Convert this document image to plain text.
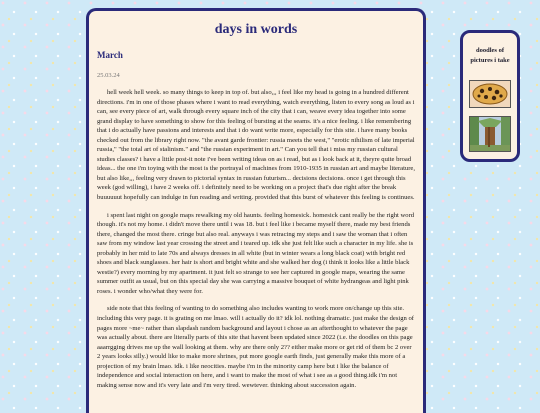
days in words
March
25.03.24

hell week hell week. so many things to keep in top of. but also,,, i feel like my head is going in a hundred different directions. i'm in one of those phases where i want to read everything, watch everything, listen to every song as loud as i can, see every piece of art, walk through every square inch of the city that i can, weave every idea together into some grand display to have something to show for this feeling of bursting at the seams. it's a nice feeling. i like remembering that i do actually have passions and interests and that i do want write more, especially for this site. i have many books checked out from the library right now. "the avant garde frontier: russia meets the west," "erotic nihilism of late imperial russia," "the total art of stalinism." and "the russian experiment in art." Can you tell that i miss my russian cultural studies classes? i have a little post-it note i've been writing ideas on as i read, but as i look back at it, theyre quite broad ideas... the one i'm toying with the most is the portrayal of machines from 1910-1935 in russian art and maybe literature, but also like,,, feeling very drawn to pictorial syntax in russian futurism... decisions decisions. once i get through this week (god willing), i have 2 weeks off. i definitely need to be working on a project that's due right after the break buuuuuut hopefully can indulge in fun reading and writing. provided that this burst of whatever this feeling is continues.

i spent last night on google maps rewalking my old haunts. feeling homesick. homesick cant really be the right word though. it's not my home. i didn't move there until i was 18. but i feel like i became myself there, made my best friends there, changed the most there. cringe but also real. anyways i was retracing my steps and i saw the woman that i often saw from my window last year crossing the street and i teared up. idk she just felt like such a character in my life. she is probably in her mid to late 70s and always dresses in all white (but in winter wears a long black coat) with bright red shoes and black sunglasses. her hair is short and bright white and she walked her dog (i think it looks like a little black westie?) every morning by my apartment. it just felt so strange to see her captured in google maps, wearing the same summer outfit as usual, but on this special day she was carrying a massive bouquet of white hydrangeas and light pink roses. i wonder who/what they were for.

side note that this feeling of wanting to do something also includes wanting to work more on/change up this site. including this very page. it is grating on me lmao. will i actually do it? idk lol. nothing dramatic. just make the design of pages more ~me~ rather than slapdash random background and layout i chose as an afterthought to whatever the page was actually about. there are literally parts of this site that havent been updated since 2022 (i.e. the doodles on this page aaarrgging drives me up the wall looking at them. why are there only 2?? either make more or get rid of them bc 2 over 2 years looks silly.) would like to make more shrines, put more google earth finds, just generally make this more of a projection of my brain lmao. idk. i like neocities. maybe i'm in the minority camp here but i like the balance of independence and social interaction on here, and i want to make the most of what i see as a good thing.idk i'm not making sense now and it's very late and i'm very tired. wewtever. thinking about succession again.

doodles of pictures i take
